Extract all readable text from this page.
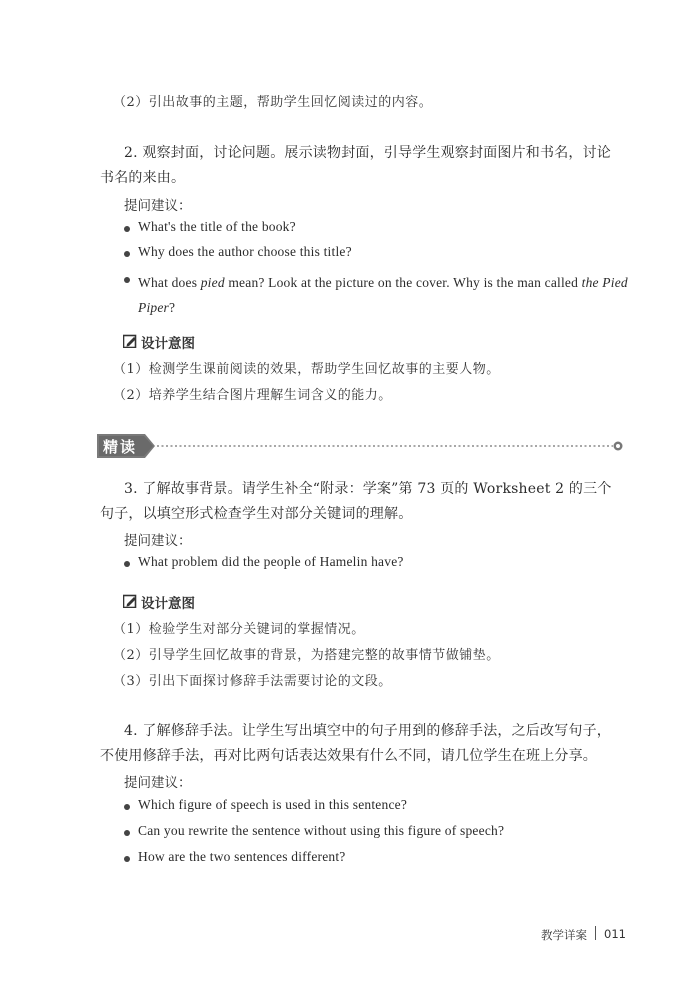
（2）引出故事的主题，帮助学生回忆阅读过的内容。
2. 观察封面，讨论问题。展示读物封面，引导学生观察封面图片和书名，讨论书名的来由。
提问建议：
What's the title of the book?
Why does the author choose this title?
What does pied mean? Look at the picture on the cover. Why is the man called the Pied Piper?
设计意图
（1）检测学生课前阅读的效果，帮助学生回忆故事的主要人物。
（2）培养学生结合图片理解生词含义的能力。
精读
3. 了解故事背景。请学生补全“附录：学案”第 73 页的 Worksheet 2 的三个句子，以填空形式检查学生对部分关键词的理解。
提问建议：
What problem did the people of Hamelin have?
设计意图
（1）检验学生对部分关键词的掌握情况。
（2）引导学生回忆故事的背景，为搭建完整的故事情节做铺垫。
（3）引出下面探讨修辞手法需要讨论的文段。
4. 了解修辞手法。让学生写出填空中的句子用到的修辞手法，之后改写句子，不使用修辞手法，再对比两句话表达效果有什么不同，请几位学生在班上分享。
提问建议：
Which figure of speech is used in this sentence?
Can you rewrite the sentence without using this figure of speech?
How are the two sentences different?
教学详案 011
